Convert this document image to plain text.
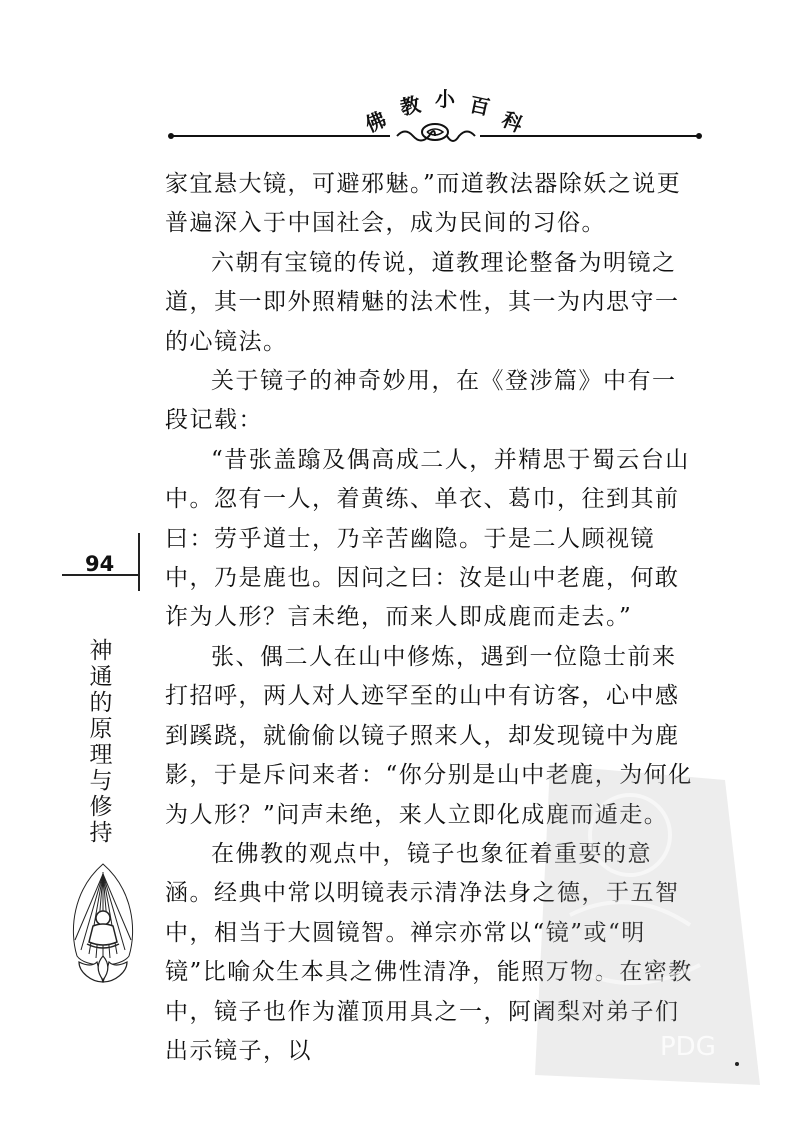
佛
教 小 百
科

家宜悬大镜，可避邪魅。”而道教法器除妖之说更普遍深入于中国社会，成为民间的习俗。

六朝有宝镜的传说，道教理论整备为明镜之道，其一即外照精魅的法术性，其一为内思守一的心镜法。

关于镜子的神奇妙用，在《登涉篇》中有一段记载：

“昔张盖蹹及偶高成二人，并精思于蜀云台山中。忽有一人，着黄练、单衣、葛巾，往到其前曰：劳乎道士，乃辛苦幽隐。于是二人顾视镜中，乃是鹿也。因问之曰：汝是山中老鹿，何敢诈为人形？言未绝，而来人即成鹿而走去。”

张、偶二人在山中修炼，遇到一位隐士前来打招呼，两人对人迹罕至的山中有访客，心中感到蹊跷，就偷偷以镜子照来人，却发现镜中为鹿影，于是斥问来者：“你分别是山中老鹿，为何化为人形？”问声未绝，来人立即化成鹿而遁走。

在佛教的观点中，镜子也象征着重要的意涵。经典中常以明镜表示清净法身之德，于五智中，相当于大圆镜智。禅宗亦常以“镜”或“明镜”比喻众生本具之佛性清净，能照万物。在密教中，镜子也作为灌顶用具之一，阿阇梨对弟子们出示镜子，以

94
神
通
的
原
理
与
修
持
PDG
